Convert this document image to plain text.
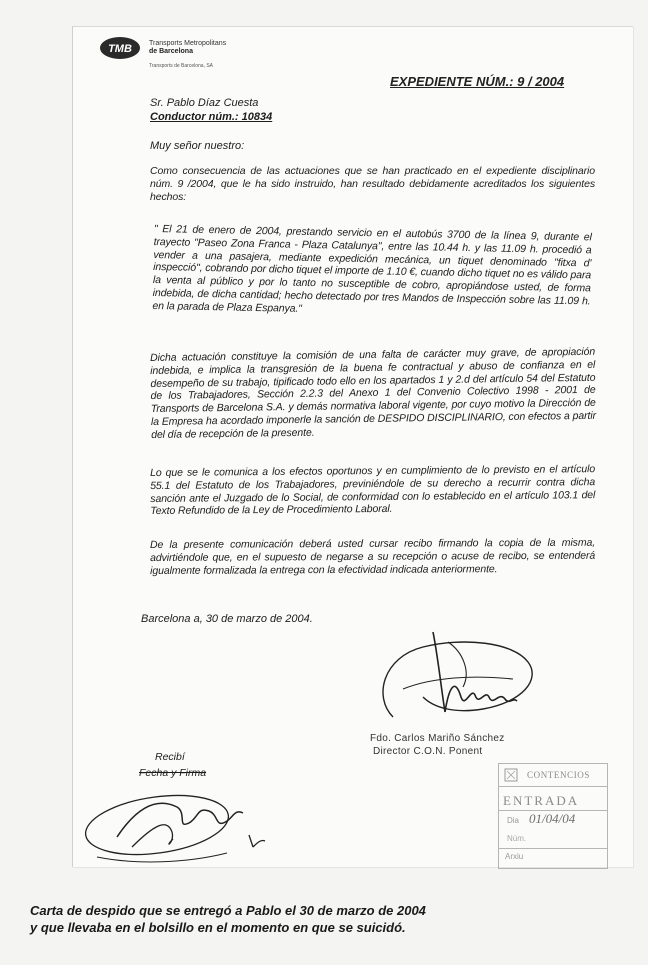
TMB Transports Metropolitans
de Barcelona
Transports de Barcelona, SA
EXPEDIENTE NÚM.: 9 / 2004
Sr. Pablo Díaz Cuesta
Conductor núm.: 10834
Muy señor nuestro:
Como consecuencia de las actuaciones que se han practicado en el expediente disciplinario núm. 9 /2004, que le ha sido instruido, han resultado debidamente acreditados los siguientes hechos:
" El 21 de enero de 2004, prestando servicio en el autobús 3700 de la línea 9, durante el trayecto "Paseo Zona Franca - Plaza Catalunya", entre las 10.44 h. y las 11.09 h. procedió a vender a una pasajera, mediante expedición mecánica, un tiquet denominado "fitxa d' inspecció", cobrando por dicho tiquet el importe de 1.10 €, cuando dicho tiquet no es válido para la venta al público y por lo tanto no susceptible de cobro, apropiándose usted, de forma indebida, de dicha cantidad; hecho detectado por tres Mandos de Inspección sobre las 11.09 h. en la parada de Plaza Espanya."
Dicha actuación constituye la comisión de una falta de carácter muy grave, de apropiación indebida, e implica la transgresión de la buena fe contractual y abuso de confianza en el desempeño de su trabajo, tipificado todo ello en los apartados 1 y 2.d del artículo 54 del Estatuto de los Trabajadores, Sección 2.2.3 del Anexo 1 del Convenio Colectivo 1998 - 2001 de Transports de Barcelona S.A. y demás normativa laboral vigente, por cuyo motivo la Dirección de la Empresa ha acordado imponerle la sanción de DESPIDO DISCIPLINARIO, con efectos a partir del día de recepción de la presente.
Lo que se le comunica a los efectos oportunos y en cumplimiento de lo previsto en el artículo 55.1 del Estatuto de los Trabajadores, previniéndole de su derecho a recurrir contra dicha sanción ante el Juzgado de lo Social, de conformidad con lo establecido en el artículo 103.1 del Texto Refundido de la Ley de Procedimiento Laboral.
De la presente comunicación deberá usted cursar recibo firmando la copia de la misma, advirtiéndole que, en el supuesto de negarse a su recepción o acuse de recibo, se entenderá igualmente formalizada la entrega con la efectividad indicada anteriormente.
Barcelona a, 30 de marzo de 2004.
Fdo. Carlos Mariño Sánchez
Director C.O.N. Ponent
Recibí
Fecha y Firma	CONTENCIOS
ENTRADA
Dia 01/04/04
Núm.
Arxiu
Carta de despido que se entregó a Pablo el 30 de marzo de 2004
y que llevaba en el bolsillo en el momento en que se suicidó.
